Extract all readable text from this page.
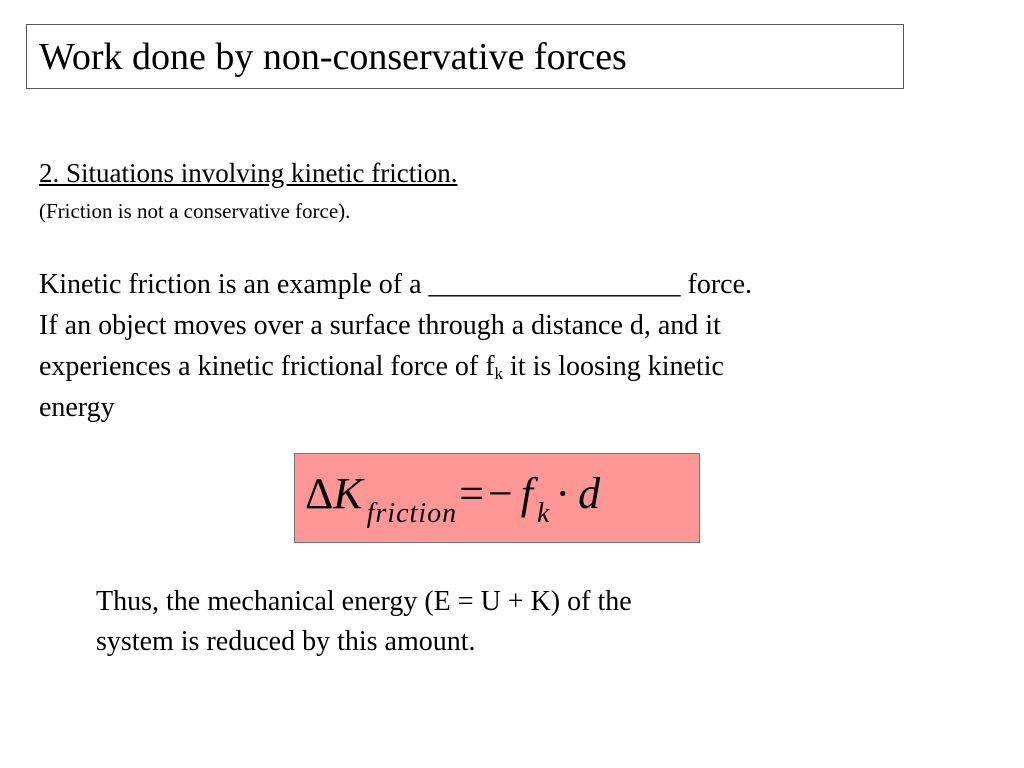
Work done by non-conservative forces
2. Situations involving kinetic friction.
(Friction is not a conservative force).
Kinetic friction is an example of a __________________ force.
If an object moves over a surface through a distance d, and it
experiences a kinetic frictional force of $f_k$ it is loosing kinetic
energy
ΔK $_{friction}$=− f $_k$ · d
Thus, the mechanical energy (E = U + K) of the
system is reduced by this amount.
